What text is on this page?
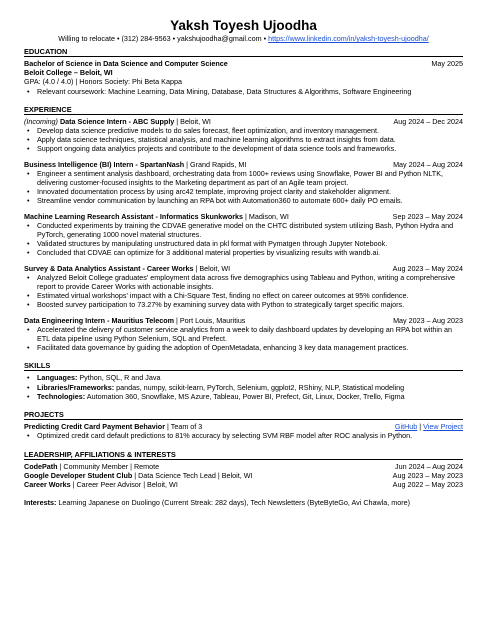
Yaksh Toyesh Ujoodha
Willing to relocate • (312) 284-9563 • yakshujoodha@gmail.com • https://www.linkedin.com/in/yaksh-toyesh-ujoodha/
EDUCATION
Bachelor of Science in Data Science and Computer Science	May 2025
Beloit College – Beloit, WI
GPA: (4.0 / 4.0) | Honors Society: Phi Beta Kappa
• Relevant coursework: Machine Learning, Data Mining, Database, Data Structures & Algorithms, Software Engineering
EXPERIENCE
(Incoming) Data Science Intern - ABC Supply | Beloit, WI	Aug 2024 – Dec 2024
• Develop data science predictive models to do sales forecast, fleet optimization, and inventory management.
• Apply data science techniques, statistical analysis, and machine learning algorithms to extract insights from data.
• Support ongoing data analytics projects and contribute to the development of data science tools and frameworks.
Business Intelligence (BI) Intern - SpartanNash | Grand Rapids, MI	May 2024 – Aug 2024
• Engineer a sentiment analysis dashboard, orchestrating data from 1000+ reviews using Snowflake, Power BI and Python NLTK, delivering customer-focused insights to the Marketing department as part of an Agile team project.
• Innovated documentation process by using arc42 template, improving project clarity and stakeholder alignment.
• Streamline vendor communication by launching an RPA bot with Automation360 to automate 600+ daily PO emails.
Machine Learning Research Assistant - Informatics Skunkworks | Madison, WI	Sep 2023 – May 2024
• Conducted experiments by training the CDVAE generative model on the CHTC distributed system utilizing Bash, Python Hydra and PyTorch, generating 1000 novel material structures.
• Validated structures by manipulating unstructured data in pkl format with Pymatgen through Jupyter Notebook.
• Concluded that CDVAE can optimize for 3 additional material properties by visualizing results with wandb.ai.
Survey & Data Analytics Assistant - Career Works | Beloit, WI	Aug 2023 – May 2024
• Analyzed Beloit College graduates' employment data across five demographics using Tableau and Python, writing a comprehensive report to provide Career Works with actionable insights.
• Estimated virtual workshops' impact with a Chi-Square Test, finding no effect on career outcomes at 95% confidence.
• Boosted survey participation to 73.27% by examining survey data with Python to strategically target specific majors.
Data Engineering Intern - Mauritius Telecom | Port Louis, Mauritius	May 2023 – Aug 2023
• Accelerated the delivery of customer service analytics from a week to daily dashboard updates by developing an RPA bot within an ETL data pipeline using Python Selenium, SQL and Prefect.
• Facilitated data governance by guiding the adoption of OpenMetadata, enhancing 3 key data management practices.
SKILLS
• Languages: Python, SQL, R and Java
• Libraries/Frameworks: pandas, numpy, scikit-learn, PyTorch, Selenium, ggplot2, RShiny, NLP, Statistical modeling
• Technologies: Automation 360, Snowflake, MS Azure, Tableau, Power BI, Prefect, Git, Linux, Docker, Trello, Figma
PROJECTS
Predicting Credit Card Payment Behavior | Team of 3	GitHub | View Project
• Optimized credit card default predictions to 81% accuracy by selecting SVM RBF model after ROC analysis in Python.
LEADERSHIP, AFFILIATIONS & INTERESTS
CodePath | Community Member | Remote	Jun 2024 – Aug 2024
Google Developer Student Club | Data Science Tech Lead | Beloit, WI	Aug 2023 – May 2023
Career Works | Career Peer Advisor | Beloit, WI	Aug 2022 – May 2023
Interests: Learning Japanese on Duolingo (Current Streak: 282 days), Tech Newsletters (ByteByteGo, Avi Chawla, more)
